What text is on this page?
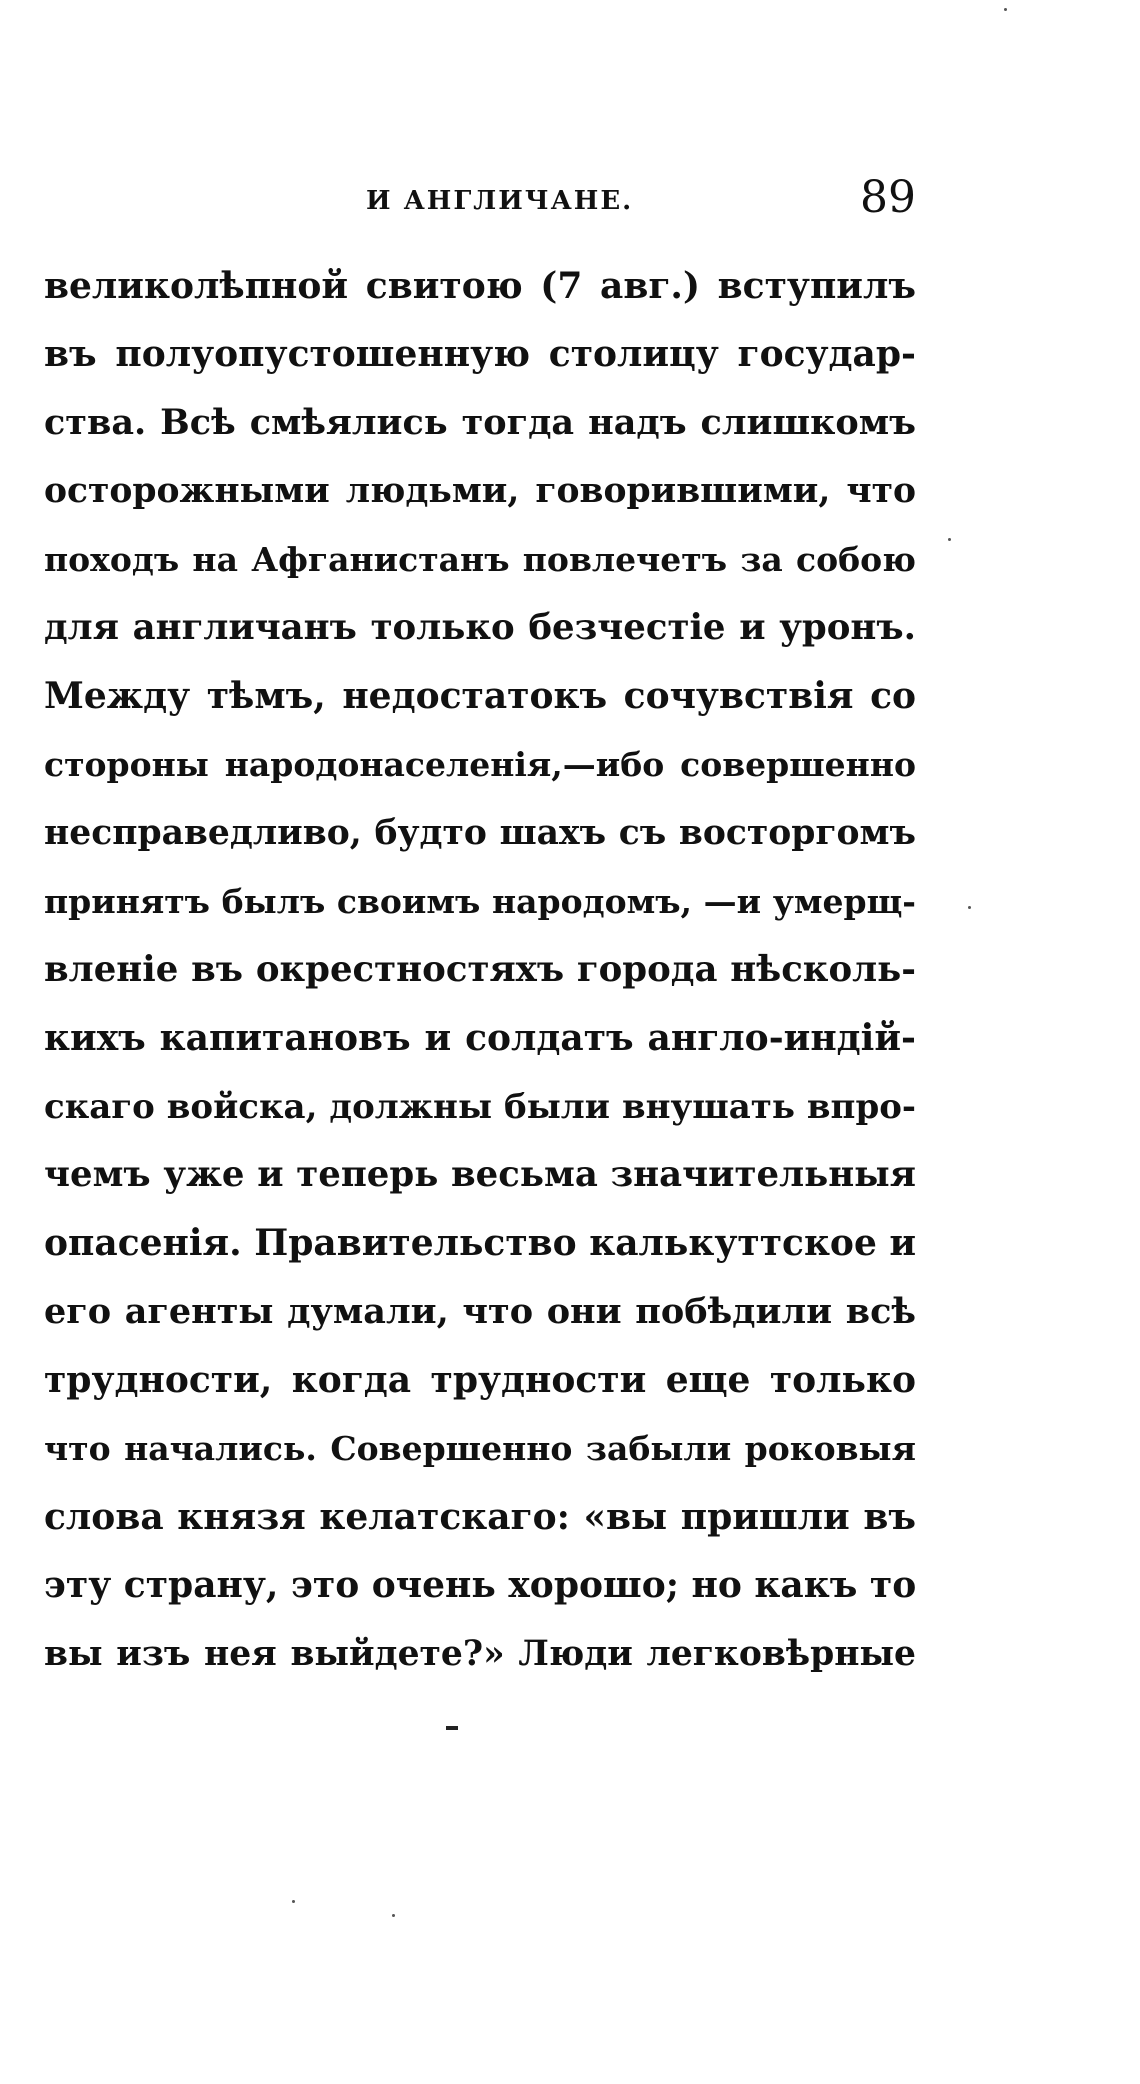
И АНГЛИЧАНЕ.	89
великолѣпной свитою (7 авг.) вступилъ
въ полуопустошенную столицу государ-
ства. Всѣ смѣялись тогда надъ слишкомъ
осторожными людьми, говорившими, что
походъ на Афганистанъ повлечетъ за собою
для англичанъ только безчестіе и уронъ.
Между тѣмъ, недостатокъ сочувствія со
стороны народонаселенія,—ибо совершенно
несправедливо, будто шахъ съ восторгомъ
принятъ былъ своимъ народомъ, —и умерщ-
вленіе въ окрестностяхъ города нѣсколь-
кихъ капитановъ и солдатъ англо-индій-
скаго войска, должны были внушать впро-
чемъ уже и теперь весьма значительныя
опасенія. Правительство калькуттское и
его агенты думали, что они побѣдили всѣ
трудности, когда трудности еще только
что начались. Совершенно забыли роковыя
слова князя келатскаго: «вы пришли въ
эту страну, это очень хорошо; но какъ то
вы изъ нея выйдете?» Люди легковѣрные
